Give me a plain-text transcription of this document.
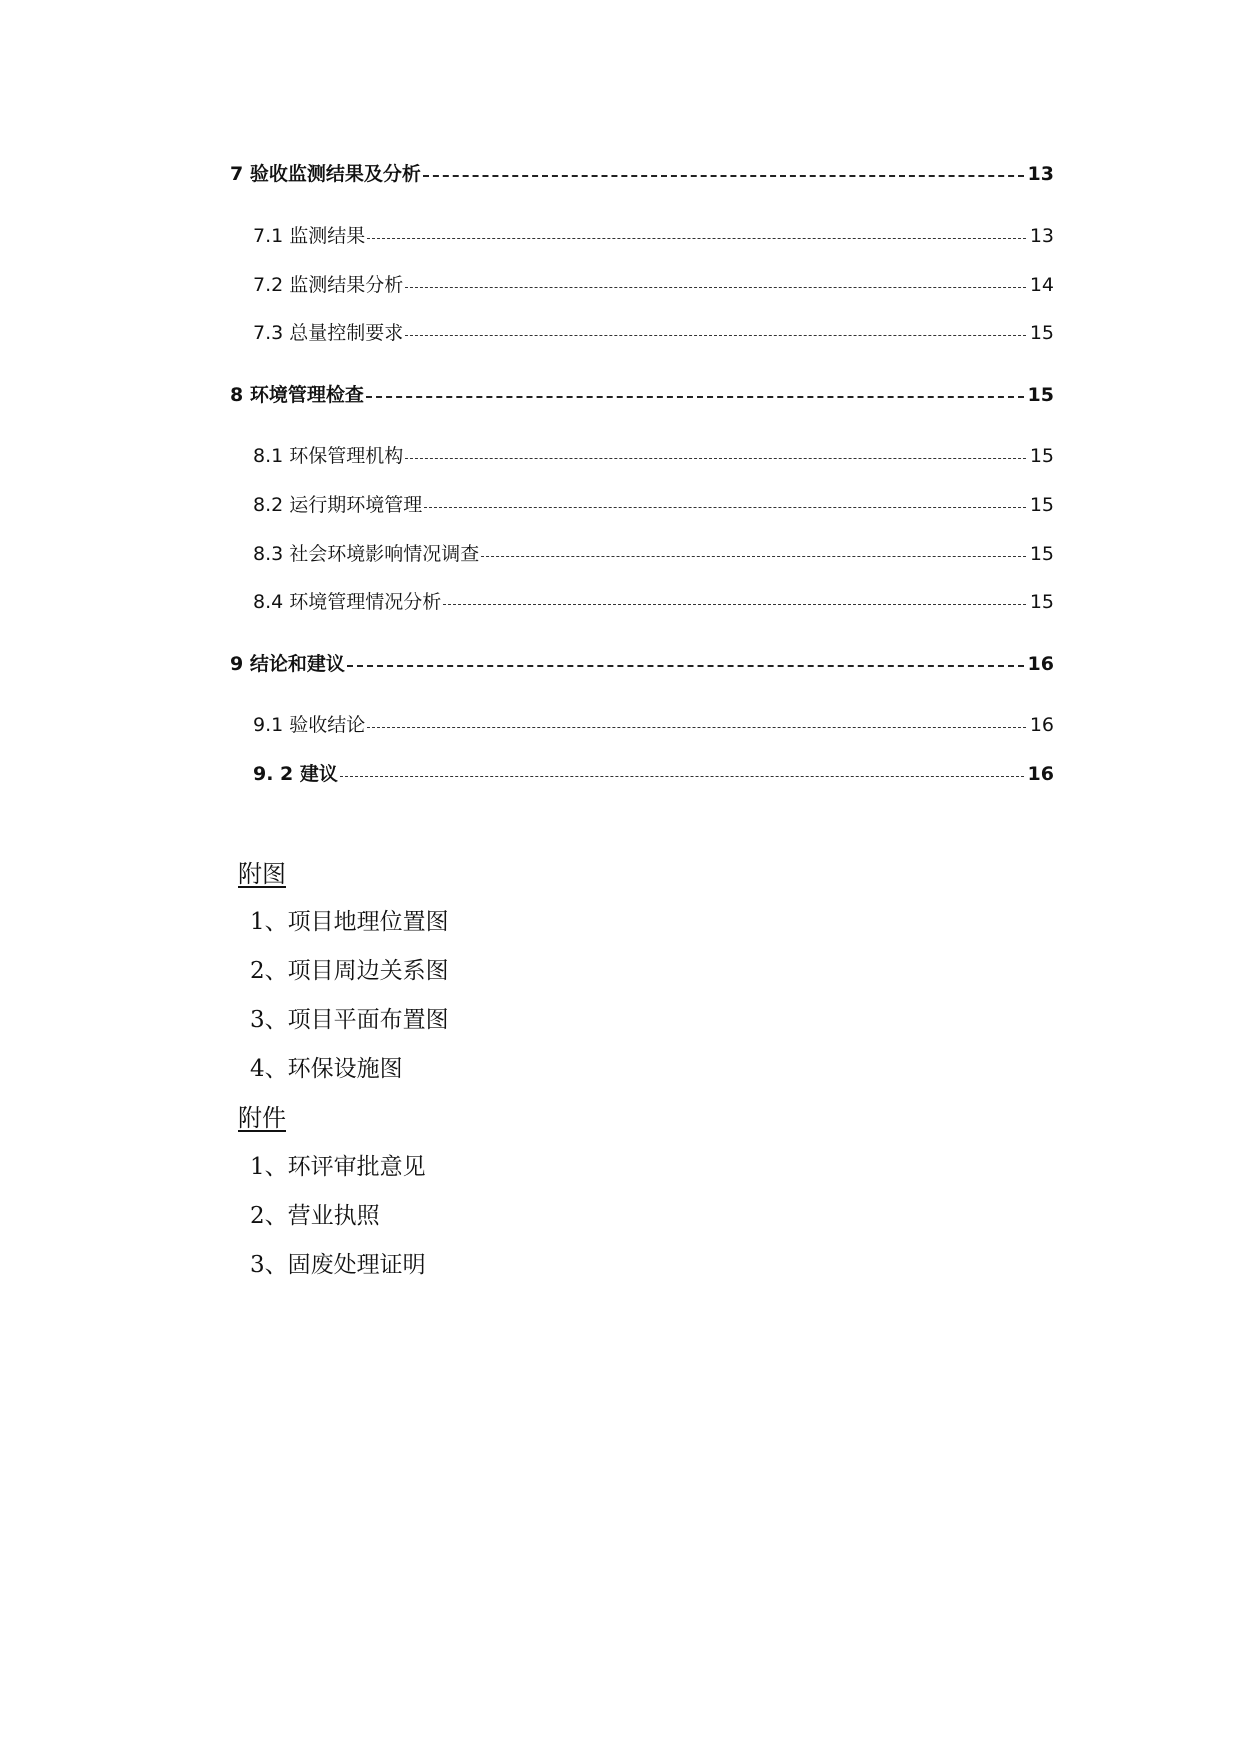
7 验收监测结果及分析	13
7.1 监测结果	13
7.2 监测结果分析	14
7.3 总量控制要求	15
8 环境管理检查	15
8.1 环保管理机构	15
8.2 运行期环境管理	15
8.3 社会环境影响情况调查	15
8.4 环境管理情况分析	15
9 结论和建议	16
9.1 验收结论	16
9. 2 建议	16
附图
1、项目地理位置图
2、项目周边关系图
3、项目平面布置图
4、环保设施图
附件
1、环评审批意见
2、营业执照
3、固废处理证明
